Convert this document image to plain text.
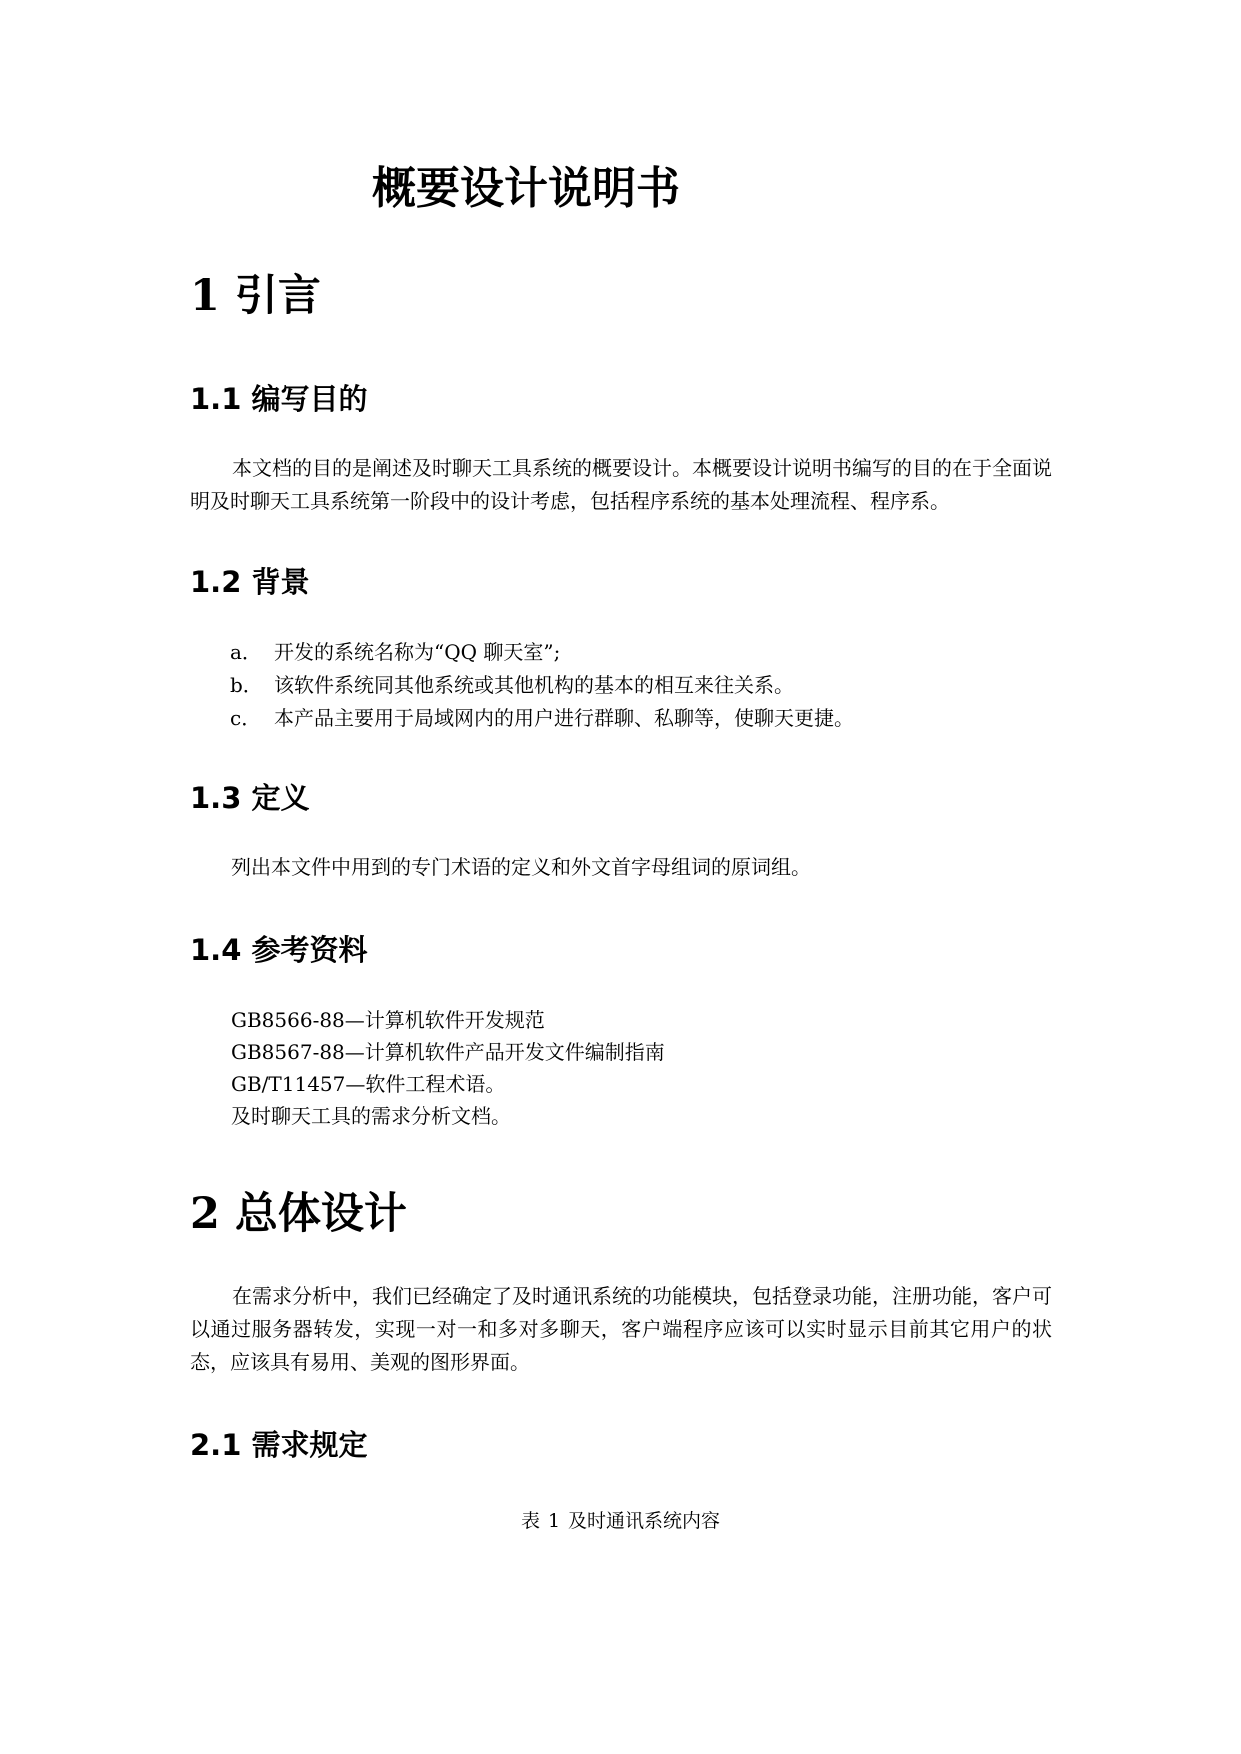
概要设计说明书
1 引言
1.1 编写目的

本文档的目的是阐述及时聊天工具系统的概要设计。本概要设计说明书编写的目的在于全面说明及时聊天工具系统第一阶段中的设计考虑，包括程序系统的基本处理流程、程序系。

1.2 背景
a． 开发的系统名称为“QQ 聊天室”;
b． 该软件系统同其他系统或其他机构的基本的相互来往关系。
c． 本产品主要用于局域网内的用户进行群聊、私聊等，使聊天更捷。
1.3 定义

列出本文件中用到的专门术语的定义和外文首字母组词的原词组。

1.4 参考资料
GB8566-88—计算机软件开发规范
GB8567-88—计算机软件产品开发文件编制指南
GB/T11457—软件工程术语。
及时聊天工具的需求分析文档。
2 总体设计

在需求分析中，我们已经确定了及时通讯系统的功能模块，包括登录功能，注册功能，客户可以通过服务器转发，实现一对一和多对多聊天，客户端程序应该可以实时显示目前其它用户的状态，应该具有易用、美观的图形界面。

2.1 需求规定

表 1 及时通讯系统内容
